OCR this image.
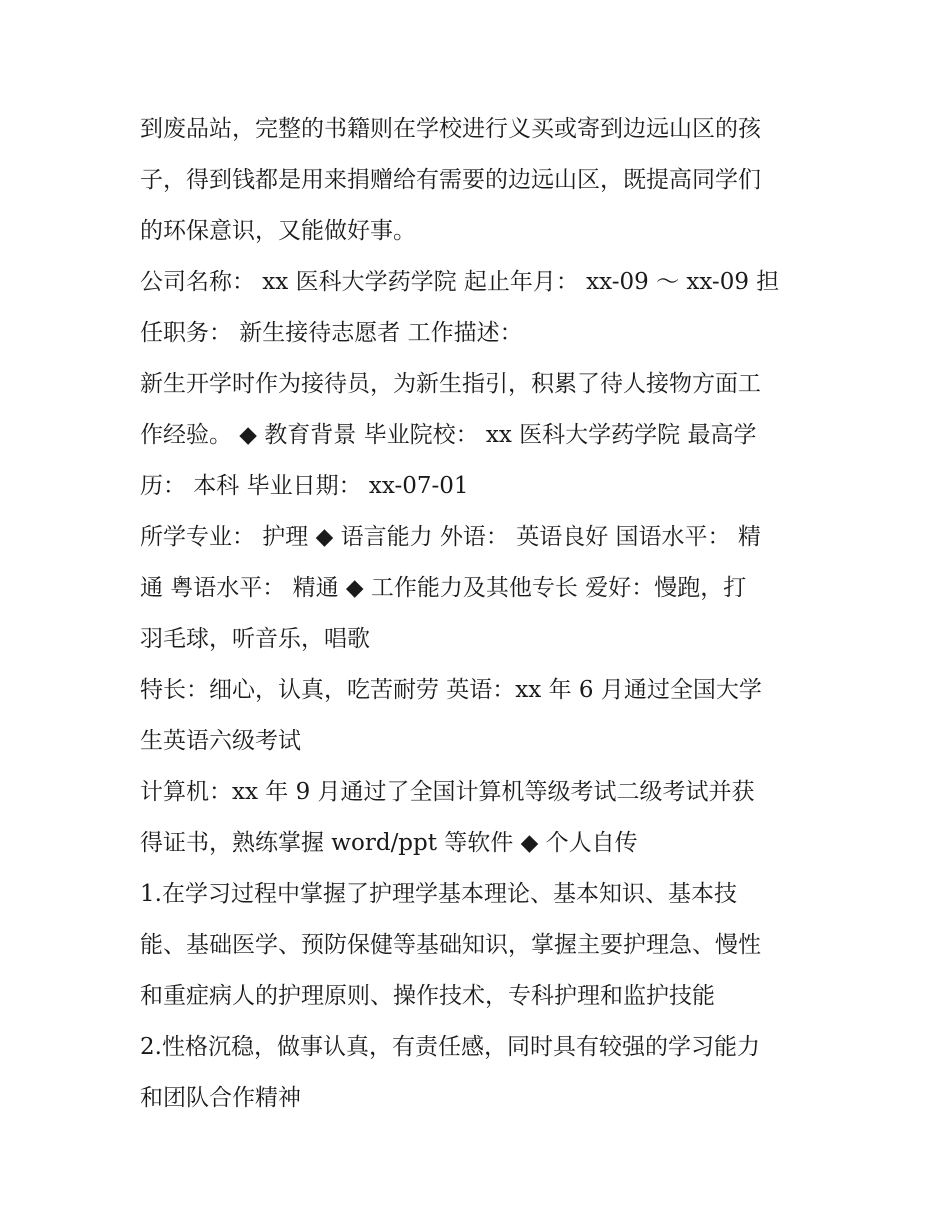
到废品站，完整的书籍则在学校进行义买或寄到边远山区的孩
子，得到钱都是用来捐赠给有需要的边远山区，既提高同学们
的环保意识，又能做好事。

公司名称： xx 医科大学药学院 起止年月： xx-09 ～ xx-09 担
任职务： 新生接待志愿者 工作描述：

新生开学时作为接待员，为新生指引，积累了待人接物方面工
作经验。 ◆ 教育背景 毕业院校： xx 医科大学药学院 最高学
历： 本科 毕业日期： xx-07-01

所学专业： 护理 ◆ 语言能力 外语： 英语良好 国语水平： 精
通 粤语水平： 精通 ◆ 工作能力及其他专长 爱好：慢跑，打
羽毛球，听音乐，唱歌

特长：细心，认真，吃苦耐劳 英语：xx 年 6 月通过全国大学
生英语六级考试

计算机：xx 年 9 月通过了全国计算机等级考试二级考试并获
得证书，熟练掌握 word/ppt 等软件 ◆ 个人自传

1.在学习过程中掌握了护理学基本理论、基本知识、基本技
能、基础医学、预防保健等基础知识，掌握主要护理急、慢性
和重症病人的护理原则、操作技术，专科护理和监护技能

2.性格沉稳，做事认真，有责任感，同时具有较强的学习能力
和团队合作精神
